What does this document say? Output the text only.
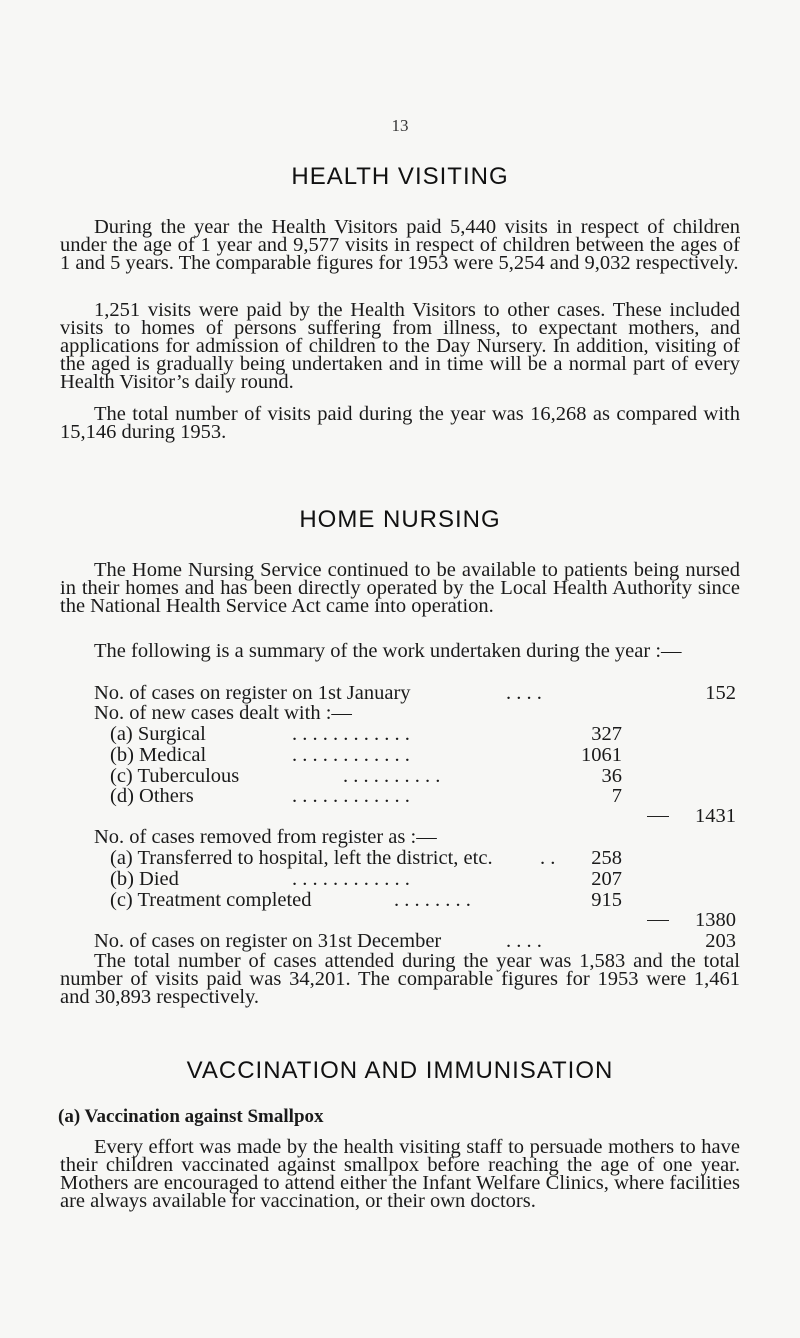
13
HEALTH VISITING
During the year the Health Visitors paid 5,440 visits in respect of children under the age of 1 year and 9,577 visits in respect of children between the ages of 1 and 5 years. The comparable figures for 1953 were 5,254 and 9,032 respectively.
1,251 visits were paid by the Health Visitors to other cases. These included visits to homes of persons suffering from illness, to expectant mothers, and applications for admission of children to the Day Nursery. In addition, visiting of the aged is gradually being undertaken and in time will be a normal part of every Health Visitor’s daily round.
The total number of visits paid during the year was 16,268 as compared with 15,146 during 1953.
HOME NURSING
The Home Nursing Service continued to be available to patients being nursed in their homes and has been directly operated by the Local Health Authority since the National Health Service Act came into operation.
The following is a summary of the work undertaken during the year :—
No. of cases on register on 1st January	. . . .	152
No. of new cases dealt with :—
(a) Surgical	. . . . . . . . . . . .	327
(b) Medical	. . . . . . . . . . . .	1061
(c) Tuberculous	. . . . . . . . . .	36
(d) Others	. . . . . . . . . . . .	7
1431
No. of cases removed from register as :—
(a) Transferred to hospital, left the district, etc. . .	258
(b) Died	. . . . . . . . . . . .	207
(c) Treatment completed	. . . . . . . .	915
1380
No. of cases on register on 31st December	. . . .	203
The total number of cases attended during the year was 1,583 and the total number of visits paid was 34,201. The comparable figures for 1953 were 1,461 and 30,893 respectively.
VACCINATION AND IMMUNISATION
(a) Vaccination against Smallpox
Every effort was made by the health visiting staff to persuade mothers to have their children vaccinated against smallpox before reaching the age of one year. Mothers are encouraged to attend either the Infant Welfare Clinics, where facilities are always available for vaccination, or their own doctors.
